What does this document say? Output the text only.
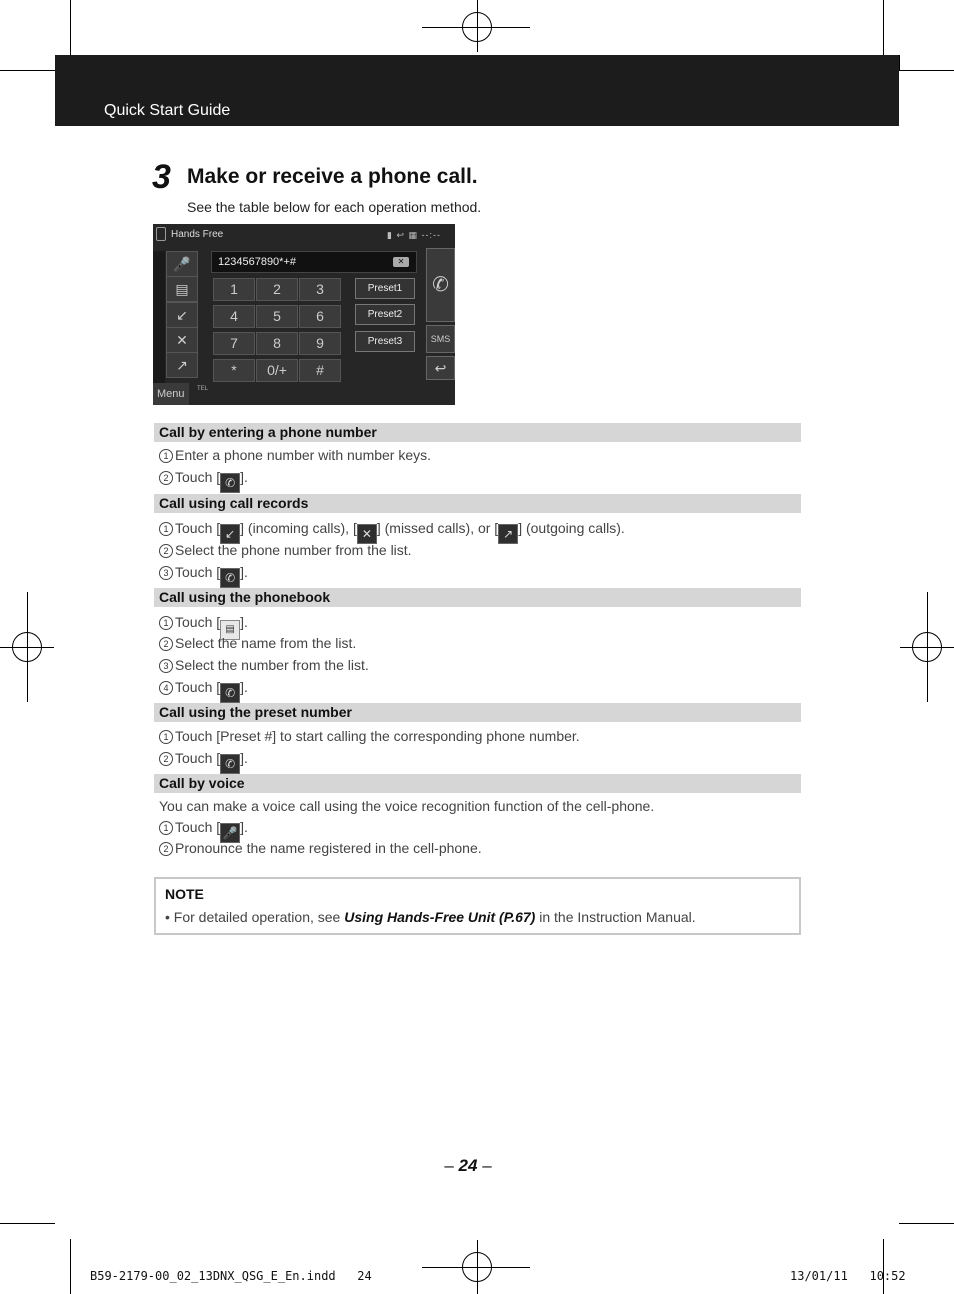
Quick Start Guide
3 Make or receive a phone call.
See the table below for each operation method.
Hands Free	▮ ↩ ▦ --:--
🎤
▤
↙
✕
↗
1234567890*+#	✕
1	2	3
4	5	6
7	8	9
*	0/+	#
Preset1
Preset2
Preset3
✆
SMS
↩
Menu	TEL
Call by entering a phone number
1 Enter a phone number with number keys.
2 Touch [ ✆ ].
Call using call records
1 Touch [ ↙ ] (incoming calls), [ ✕ ] (missed calls), or [ ↗ ] (outgoing calls).
2 Select the phone number from the list.
3 Touch [ ✆ ].
Call using the phonebook
1 Touch [ ▤ ].
2 Select the name from the list.
3 Select the number from the list.
4 Touch [ ✆ ].
Call using the preset number
1 Touch [Preset #] to start calling the corresponding phone number.
2 Touch [ ✆ ].
Call by voice
You can make a voice call using the voice recognition function of the cell-phone.
1 Touch [ 🎤 ].
2 Pronounce the name registered in the cell-phone.
NOTE
• For detailed operation, see Using Hands-Free Unit (P.67) in the Instruction Manual.
– 24 –
B59-2179-00_02_13DNX_QSG_E_En.indd   24	13/01/11   10:52
